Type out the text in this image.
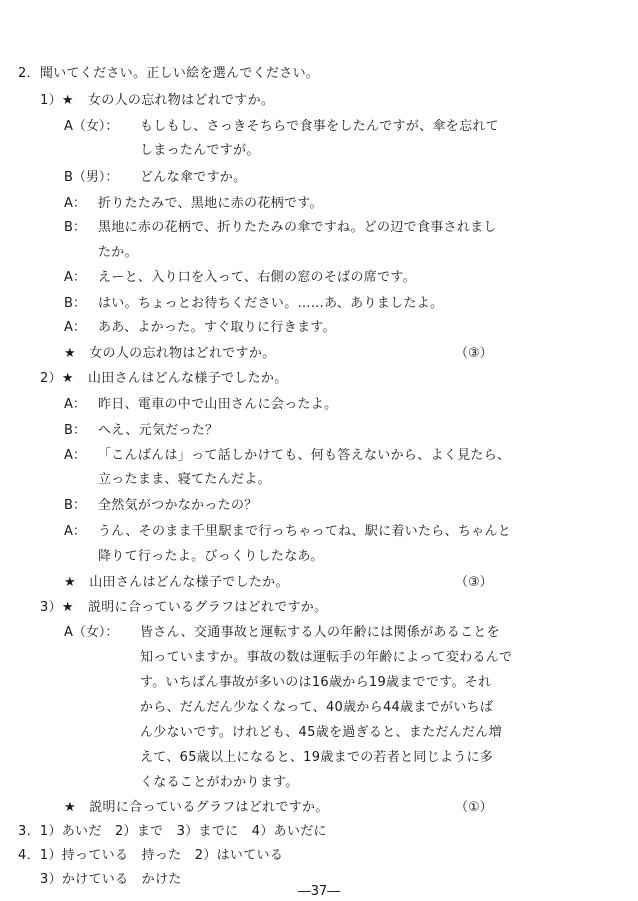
2．聞いてください。正しい絵を選んでください。
1）★ 女の人の忘れ物はどれですか。
A（女）： もしもし、さっきそちらで食事をしたんですが、傘を忘れて
しまったんですが。
B（男）： どんな傘ですか。
A： 折りたたみで、黒地に赤の花柄です。
B： 黒地に赤の花柄で、折りたたみの傘ですね。どの辺で食事されまし
たか。
A： えーと、入り口を入って、右側の窓のそばの席です。
B： はい。ちょっとお待ちください。……あ、ありましたよ。
A： ああ、よかった。すぐ取りに行きます。
★　女の人の忘れ物はどれですか。	（③）
2）★ 山田さんはどんな様子でしたか。
A： 昨日、電車の中で山田さんに会ったよ。
B： へえ、元気だった？
A： 「こんばんは」って話しかけても、何も答えないから、よく見たら、
立ったまま、寝てたんだよ。
B： 全然気がつかなかったの？
A： うん、そのまま千里駅まで行っちゃってね、駅に着いたら、ちゃんと
降りて行ったよ。びっくりしたなあ。
★　山田さんはどんな様子でしたか。	（③）
3）★ 説明に合っているグラフはどれですか。
A（女）： 皆さん、交通事故と運転する人の年齢には関係があることを
知っていますか。事故の数は運転手の年齢によって変わるんで
す。いちばん事故が多いのは16歳から19歳までです。それ
から、だんだん少なくなって、40歳から44歳までがいちば
ん少ないです。けれども、45歳を過ぎると、まただんだん増
えて、65歳以上になると、19歳までの若者と同じように多
くなることがわかります。
★　説明に合っているグラフはどれですか。	（①）
3．1）あいだ　2）まで　3）までに　4）あいだに
4．1）持っている　持った　2）はいている
3）かけている　かけた
―37―
